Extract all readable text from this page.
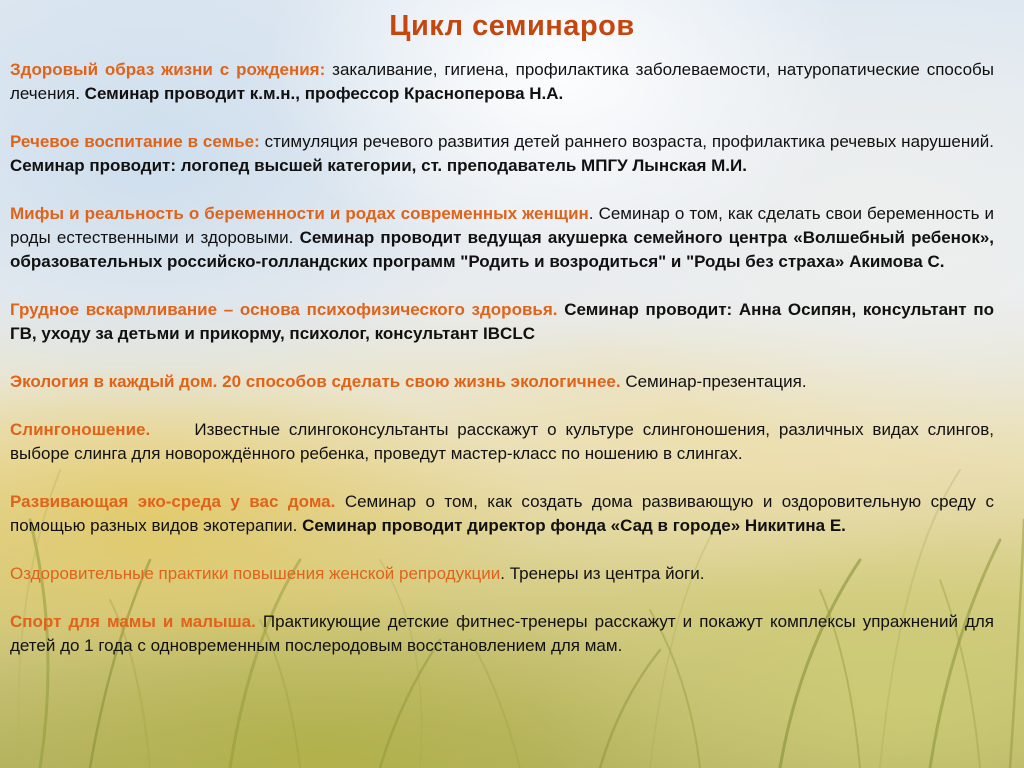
Цикл семинаров

Здоровый образ жизни с рождения: закаливание, гигиена, профилактика заболеваемости, натуропатические способы лечения. Семинар проводит к.м.н., профессор Красноперова Н.А.

Речевое воспитание в семье: стимуляция речевого развития детей раннего возраста, профилактика речевых нарушений. Семинар проводит: логопед высшей категории, ст. преподаватель МПГУ Лынская М.И.

Мифы и реальность о беременности и родах современных женщин. Семинар о том, как сделать свои беременность и роды естественными и здоровыми. Семинар проводит ведущая акушерка семейного центра «Волшебный ребенок», образовательных российско-голландских программ "Родить и возродиться" и "Роды без страха» Акимова С.

Грудное вскармливание – основа психофизического здоровья. Семинар проводит: Анна Осипян, консультант по ГВ, уходу за детьми и прикорму, психолог, консультант IBCLC

Экология в каждый дом. 20 способов сделать свою жизнь экологичнее. Семинар-презентация.

Слингоношение.     Известные слингоконсультанты расскажут о культуре слингоношения, различных видах слингов, выборе слинга для новорождённого ребенка, проведут мастер-класс по ношению в слингах.

Развивающая эко-среда у вас дома. Семинар о том, как создать дома развивающую и оздоровительную среду с помощью разных видов экотерапии. Семинар проводит директор фонда «Сад в городе» Никитина Е.

Оздоровительные практики повышения женской репродукции. Тренеры из центра йоги.

Спорт для мамы и малыша. Практикующие детские фитнес-тренеры расскажут и покажут комплексы упражнений для детей до 1 года с одновременным послеродовым восстановлением для мам.
